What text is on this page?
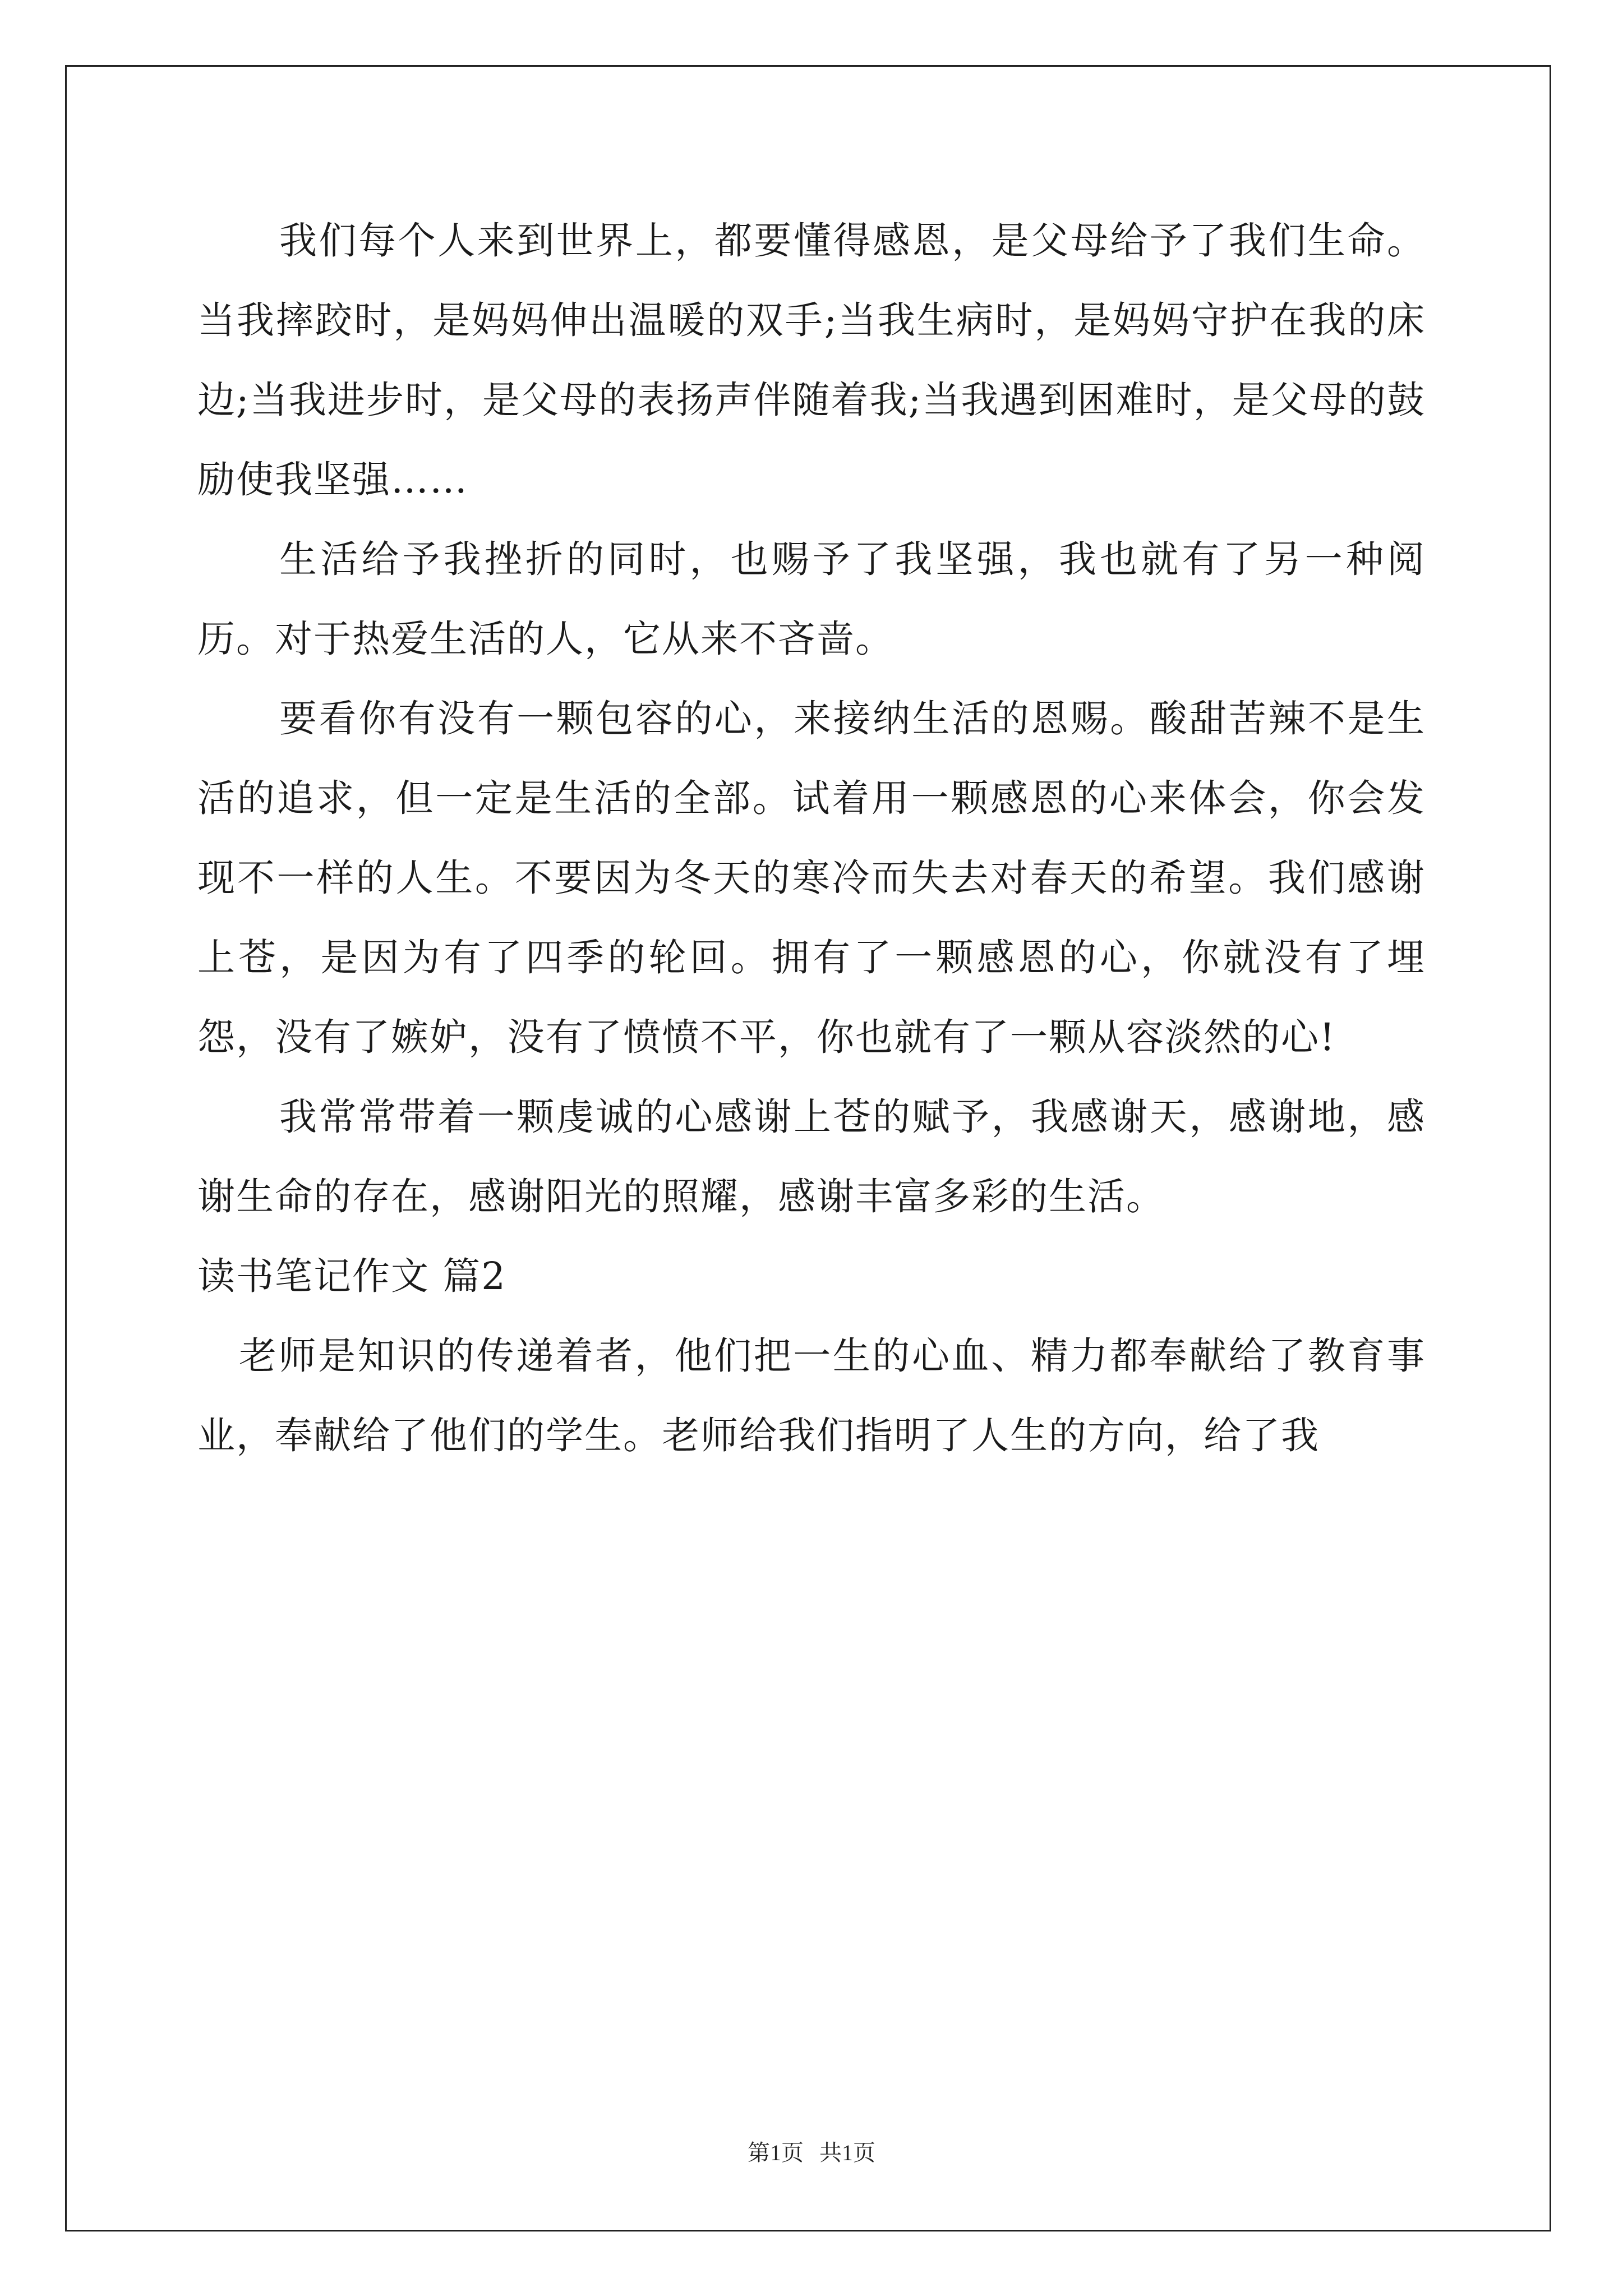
我们每个人来到世界上，都要懂得感恩，是父母给予了我们生命。当我摔跤时，是妈妈伸出温暖的双手;当我生病时，是妈妈守护在我的床边;当我进步时，是父母的表扬声伴随着我;当我遇到困难时，是父母的鼓励使我坚强……

生活给予我挫折的同时，也赐予了我坚强，我也就有了另一种阅历。对于热爱生活的人，它从来不吝啬。

要看你有没有一颗包容的心，来接纳生活的恩赐。酸甜苦辣不是生活的追求，但一定是生活的全部。试着用一颗感恩的心来体会，你会发现不一样的人生。不要因为冬天的寒冷而失去对春天的希望。我们感谢上苍，是因为有了四季的轮回。拥有了一颗感恩的心，你就没有了埋怨，没有了嫉妒，没有了愤愤不平，你也就有了一颗从容淡然的心!

我常常带着一颗虔诚的心感谢上苍的赋予，我感谢天，感谢地，感谢生命的存在，感谢阳光的照耀，感谢丰富多彩的生活。

读书笔记作文 篇2

老师是知识的传递着者，他们把一生的心血、精力都奉献给了教育事业，奉献给了他们的学生。老师给我们指明了人生的方向，给了我

第1页 共1页
